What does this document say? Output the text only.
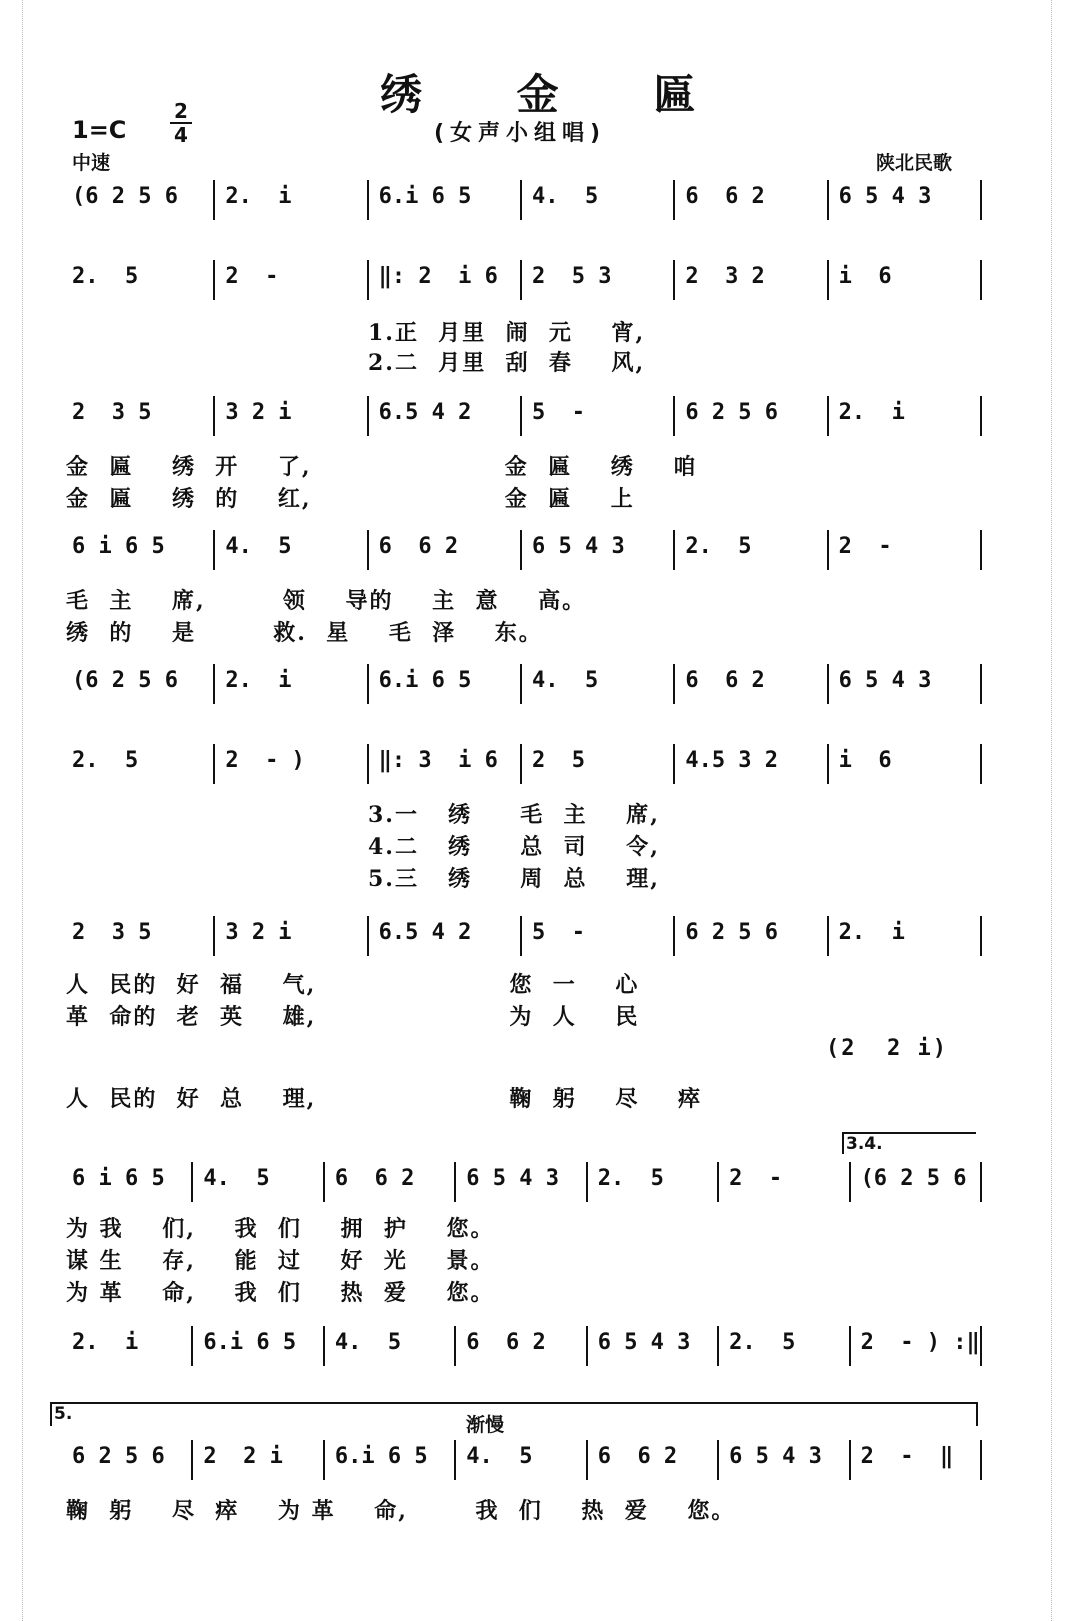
绣 金 匾
(女声小组唱)
$1=C \frac{2}{4}$
中速	陕北民歌
(6 2 5 6 2.  i	6.i 6 5	4.  5	6  6 2	6 5 4 3
2.  5	2  -	‖: 2  i 6 2  5 3	2  3 2	i  6
2  3 5	3 2 i	6.5 4 2	5  -	6 2 5 6	2.  i
6 i 6 5	4.  5	6  6 2	6 5 4 3	2.  5	2  -
(6 2 5 6 2.  i	6.i 6 5	4.  5	6  6 2	6 5 4 3
2.  5	2  - )	‖: 3  i 6 2  5	4.5 3 2	i  6
2  3 5	3 2 i	6.5 4 2	5  -	6 2 5 6	2.  i
6 i 6 5 4.  5	6  6 2 6 5 4 3 2.  5	2  -	(6 2 5 6
2.  i	6.i 6 5 4.  5	6  6 2 6 5 4 3 2.  5	2  - ) :‖
6 2 5 6 2  2 i 6.i 6 5 4.  5	6  6 2 6 5 4 3 2  -  ‖
1.正  月里  闹  元    宵,
2.二  月里  刮  春    风,
金  匾    绣  开    了,                    金  匾    绣    咱
金  匾    绣  的    红,                    金  匾    上
毛  主    席,        领    导的    主  意    高。
绣  的    是        救.  星    毛  泽    东。
3.一   绣     毛  主    席,
4.二   绣     总  司    令,
5.三   绣     周  总    理,
人  民的  好  福    气,                    您  一    心
革  命的  老  英    雄,                    为  人    民
(2  2 i)
人  民的  好  总    理,                    鞠  躬    尽    瘁
为 我    们,    我  们    拥  护    您。
谋 生    存,    能  过    好  光    景。
为 革    命,    我  们    热  爱    您。
鞠  躬    尽  瘁    为 革    命,       我  们    热  爱    您。
3.4.
5.	渐慢
